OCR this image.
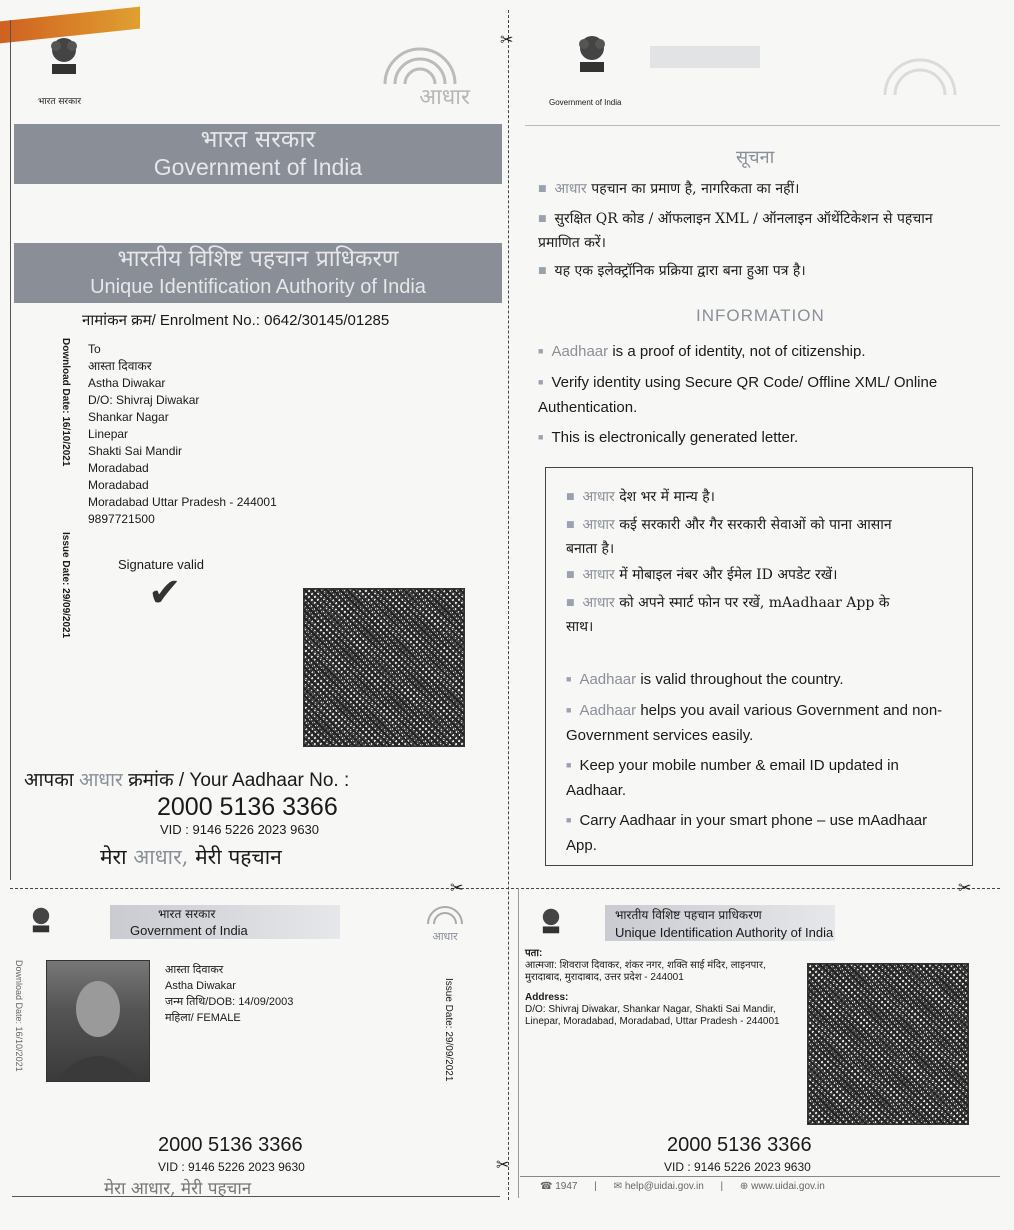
✂
✂
भारत सरकार	आधार
भारत सरकार
Government of India
भारतीय विशिष्ट पहचान प्राधिकरण
Unique Identification Authority of India
नामांकन क्रम/ Enrolment No.: 0642/30145/01285
Download Date: 16/10/2021
Issue Date: 29/09/2021
To
आस्ता दिवाकर
Astha Diwakar
D/O: Shivraj Diwakar
Shankar Nagar
Linepar
Shakti Sai Mandir
Moradabad
Moradabad
Moradabad Uttar Pradesh - 244001
9897721500
Signature valid
✔
आपका आधार क्रमांक / Your Aadhaar No. :
2000 5136 3366
VID : 9146 5226 2023 9630
मेरा आधार, मेरी पहचान
Government of India
सूचना
■ आधार पहचान का प्रमाण है, नागरिकता का नहीं।
■ सुरक्षित QR कोड / ऑफलाइन XML / ऑनलाइन ऑथेंटिकेशन से पहचान प्रमाणित करें।
■ यह एक इलेक्ट्रॉनिक प्रक्रिया द्वारा बना हुआ पत्र है।
INFORMATION
■ Aadhaar is a proof of identity, not of citizenship.
■ Verify identity using Secure QR Code/ Offline XML/ Online Authentication.
■ This is electronically generated letter.
■ आधार देश भर में मान्य है।
■ आधार कई सरकारी और गैर सरकारी सेवाओं को पाना आसान बनाता है।
■ आधार में मोबाइल नंबर और ईमेल ID अपडेट रखें।
■ आधार को अपने स्मार्ट फोन पर रखें, mAadhaar App के साथ।
■ Aadhaar is valid throughout the country.
■ Aadhaar helps you avail various Government and non-Government services easily.
■ Keep your mobile number & email ID updated in Aadhaar.
■ Carry Aadhaar in your smart phone – use mAadhaar App.
✂	✂
भारत सरकार
Government of India	आधार
Download Date: 16/10/2021	आस्ता दिवाकर
Astha Diwakar
जन्म तिथि/DOB: 14/09/2003
महिला/ FEMALE	Issue Date: 29/09/2021
2000 5136 3366
VID : 9146 5226 2023 9630
मेरा आधार, मेरी पहचान
भारतीय विशिष्ट पहचान प्राधिकरण
Unique Identification Authority of India
पता:
आत्मजा: शिवराज दिवाकर, शंकर नगर, शक्ति साई मंदिर, लाइनपार, मुरादाबाद, मुरादाबाद, उत्तर प्रदेश - 244001
Address:
D/O: Shivraj Diwakar, Shankar Nagar, Shakti Sai Mandir, Linepar, Moradabad, Moradabad, Uttar Pradesh - 244001
2000 5136 3366
VID : 9146 5226 2023 9630
☎ 1947 | ✉ help@uidai.gov.in | ⊕ www.uidai.gov.in
